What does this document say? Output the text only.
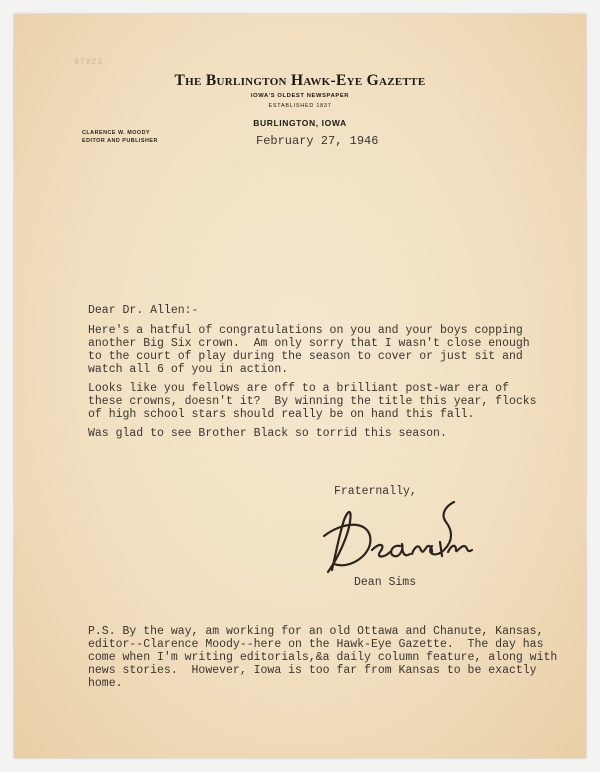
97923
The Burlington Hawk-Eye Gazette
IOWA'S OLDEST NEWSPAPER
ESTABLISHED 1837
BURLINGTON, IOWA
CLARENCE W. MOODY
EDITOR AND PUBLISHER	February 27, 1946
Dear Dr. Allen:-
Here's a hatful of congratulations on you and your boys copping
another Big Six crown.  Am only sorry that I wasn't close enough
to the court of play during the season to cover or just sit and
watch all 6 of you in action.
Looks like you fellows are off to a brilliant post-war era of
these crowns, doesn't it?  By winning the title this year, flocks
of high school stars should really be on hand this fall.
Was glad to see Brother Black so torrid this season.
Fraternally,
Dean Sims
P.S. By the way, am working for an old Ottawa and Chanute, Kansas,
editor--Clarence Moody--here on the Hawk-Eye Gazette.  The day has
come when I'm writing editorials,&a daily column feature, along with
news stories.  However, Iowa is too far from Kansas to be exactly
home.
